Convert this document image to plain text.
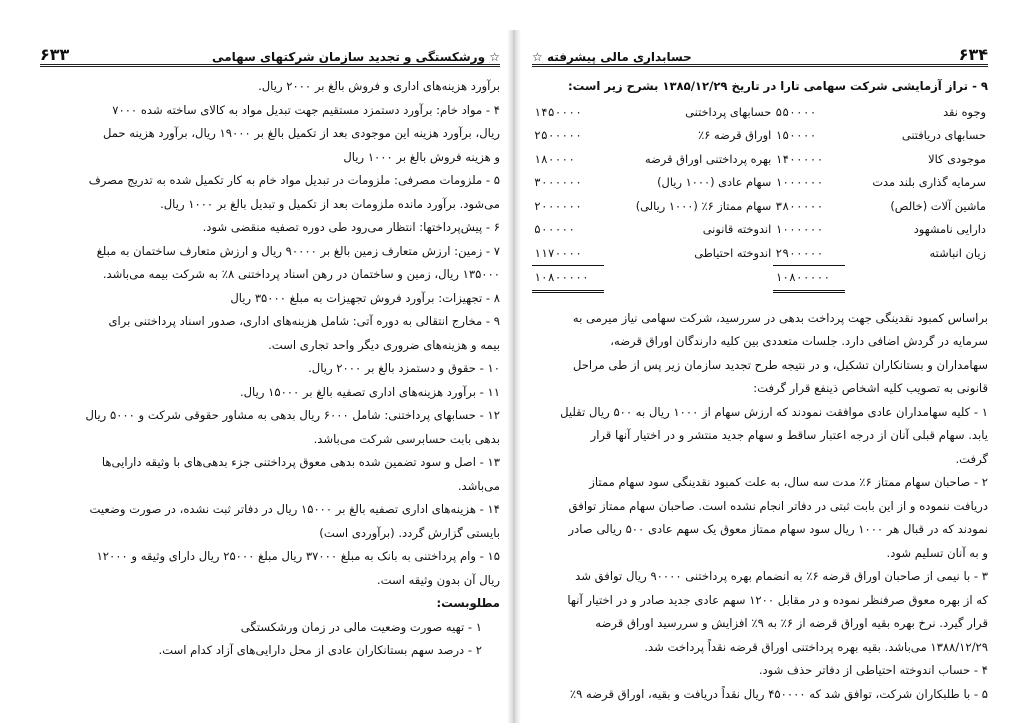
☆ ورشکستگی و تجدید سازمان شرکتهای سهامی
۶۳۳

برآورد هزینه‌های اداری و فروش بالغ بر ۲۰۰۰ ریال.

۴ - مواد خام: برآورد دستمزد مستقیم جهت تبدیل مواد به کالای ساخته شده ۷۰۰۰

ریال، برآورد هزینه این موجودی بعد از تکمیل بالغ بر ۱۹۰۰۰ ریال، برآورد هزینه حمل

و هزینه فروش بالغ بر ۱۰۰۰ ریال

۵ - ملزومات مصرفی: ملزومات در تبدیل مواد خام به کار تکمیل شده به تدریج مصرف

می‌شود. برآورد مانده ملزومات بعد از تکمیل و تبدیل بالغ بر ۱۰۰۰ ریال.

۶ - پیش‌پرداختها: انتظار می‌رود طی دوره تصفیه منقضی شود.

۷ - زمین: ارزش متعارف زمین بالغ بر ۹۰۰۰۰ ریال و ارزش متعارف ساختمان به مبلغ

۱۳۵۰۰۰ ریال، زمین و ساختمان در رهن اسناد پرداختنی ۸٪ به شرکت بیمه می‌باشد.

۸ - تجهیزات: برآورد فروش تجهیزات به مبلغ ۳۵۰۰۰ ریال

۹ - مخارج انتقالی به دوره آتی: شامل هزینه‌های اداری، صدور اسناد پرداختنی برای

بیمه و هزینه‌های ضروری دیگر واحد تجاری است.

۱۰ - حقوق و دستمزد بالغ بر ۲۰۰۰ ریال.

۱۱ - برآورد هزینه‌های اداری تصفیه بالغ بر ۱۵۰۰۰ ریال.

۱۲ - حسابهای پرداختنی: شامل ۶۰۰۰ ریال بدهی به مشاور حقوقی شرکت و ۵۰۰۰ ریال

بدهی بابت حسابرسی شرکت می‌باشد.

۱۳ - اصل و سود تضمین شده بدهی معوق پرداختنی جزء بدهی‌های با وثیقه دارایی‌ها

می‌باشد.

۱۴ - هزینه‌های اداری تصفیه بالغ بر ۱۵۰۰۰ ریال در دفاتر ثبت نشده، در صورت وضعیت

بایستی گزارش گردد. (برآوردی است)

۱۵ - وام پرداختنی به بانک به مبلغ ۳۷۰۰۰ ریال مبلغ ۲۵۰۰۰ ریال دارای وثیقه و ۱۲۰۰۰

ریال آن بدون وثیقه است.

مطلوبست:

۱ - تهیه صورت وضعیت مالی در زمان ورشکستگی

۲ - درصد سهم بستانکاران عادی از محل دارایی‌های آزاد کدام است.

۶۳۴
حسابداری مالی پیشرفته ☆

۹ - تراز آزمایشی شرکت سهامی تارا در تاریخ ۱۳۸۵/۱۲/۲۹ بشرح زیر است:

وجوه نقد	۵۵۰۰۰۰	حسابهای پرداختنی	۱۴۵۰۰۰۰
حسابهای دریافتنی	۱۵۰۰۰۰	اوراق قرضه ۶٪	۲۵۰۰۰۰۰
موجودی کالا	۱۴۰۰۰۰۰	بهره پرداختنی اوراق قرضه	۱۸۰۰۰۰
سرمایه گذاری بلند مدت	۱۰۰۰۰۰۰	سهام عادی (۱۰۰۰ ریال)	۳۰۰۰۰۰۰
ماشین آلات (خالص)	۳۸۰۰۰۰۰	سهام ممتاز ۶٪ (۱۰۰۰ ریالی)	۲۰۰۰۰۰۰
دارایی نامشهود	۱۰۰۰۰۰۰	اندوخته قانونی	۵۰۰۰۰۰
زیان انباشته	۲۹۰۰۰۰۰	اندوخته احتیاطی	۱۱۷۰۰۰۰
	۱۰۸۰۰۰۰۰		۱۰۸۰۰۰۰۰

براساس کمبود نقدینگی جهت پرداخت بدهی در سررسید، شرکت سهامی نیاز میرمی به

سرمایه در گردش اضافی دارد. جلسات متعددی بین کلیه دارندگان اوراق قرضه،

سهامداران و بستانکاران تشکیل، و در نتیجه طرح تجدید سازمان زیر پس از طی مراحل

قانونی به تصویب کلیه اشخاص ذینفع قرار گرفت:

۱ - کلیه سهامداران عادی موافقت نمودند که ارزش سهام از ۱۰۰۰ ریال به ۵۰۰ ریال تقلیل

یابد. سهام قبلی آنان از درجه اعتبار ساقط و سهام جدید منتشر و در اختیار آنها قرار

گرفت.

۲ - صاحبان سهام ممتاز ۶٪ مدت سه سال، به علت کمبود نقدینگی سود سهام ممتاز

دریافت ننموده و از این بابت ثبتی در دفاتر انجام نشده است. صاحبان سهام ممتاز توافق

نمودند که در قبال هر ۱۰۰۰ ریال سود سهام ممتاز معوق یک سهم عادی ۵۰۰ ریالی صادر

و به آنان تسلیم شود.

۳ - با نیمی از صاحبان اوراق قرضه ۶٪ به انضمام بهره پرداختنی ۹۰۰۰۰ ریال توافق شد

که از بهره معوق صرفنظر نموده و در مقابل ۱۲۰۰ سهم عادی جدید صادر و در اختیار آنها

قرار گیرد. نرخ بهره بقیه اوراق قرضه از ۶٪ به ۹٪ افزایش و سررسید اوراق قرضه

۱۳۸۸/۱۲/۲۹ می‌باشد. بقیه بهره پرداختنی اوراق قرضه نقداً پرداخت شد.

۴ - حساب اندوخته احتیاطی از دفاتر حذف شود.

۵ - با طلبکاران شرکت، توافق شد که ۴۵۰۰۰۰ ریال نقداً دریافت و بقیه، اوراق قرضه ۹٪
